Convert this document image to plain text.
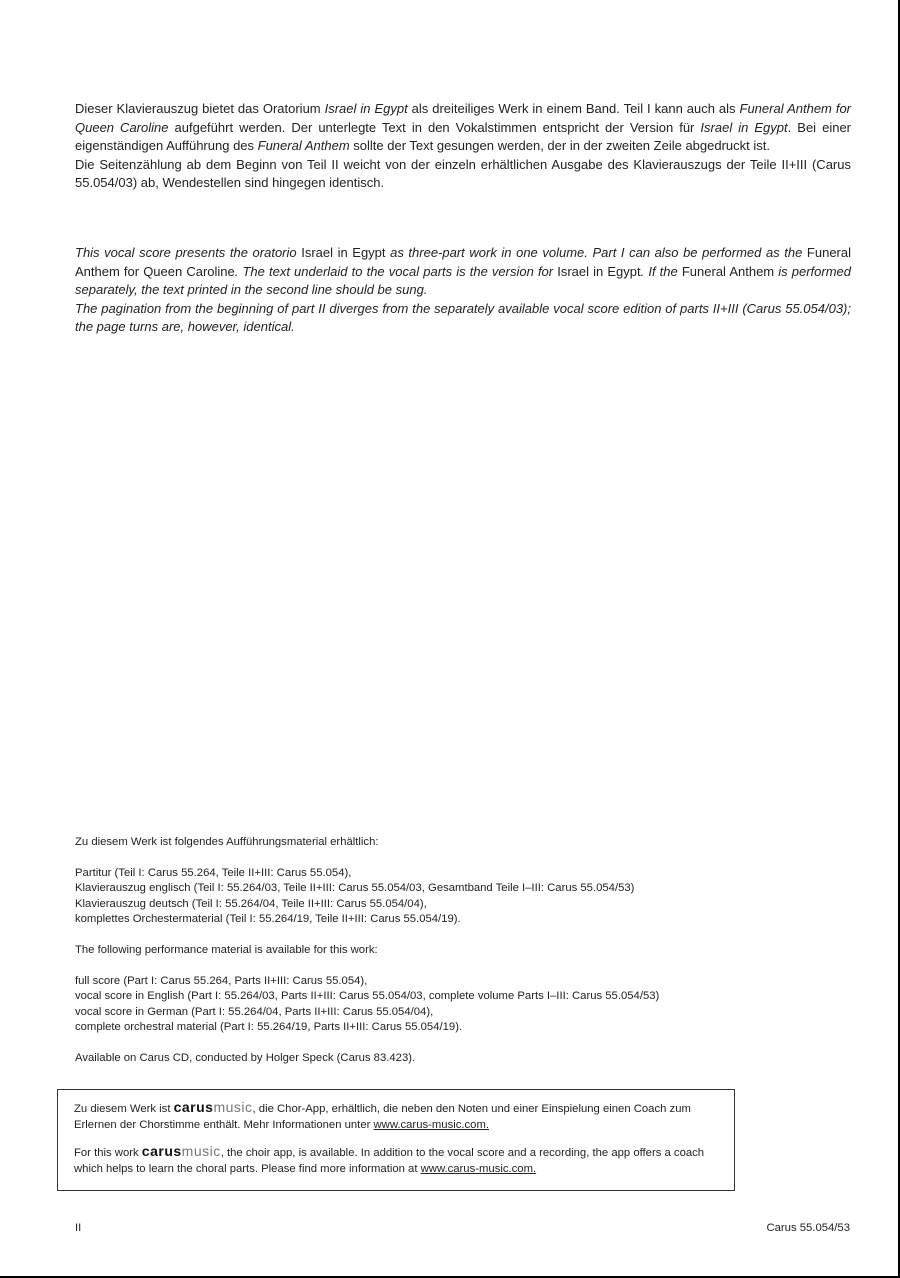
Dieser Klavierauszug bietet das Oratorium Israel in Egypt als dreiteiliges Werk in einem Band. Teil I kann auch als Funeral Anthem for Queen Caroline aufgeführt werden. Der unterlegte Text in den Vokalstimmen entspricht der Version für Israel in Egypt. Bei einer eigenständigen Aufführung des Funeral Anthem sollte der Text gesungen werden, der in der zweiten Zeile abgedruckt ist.

Die Seitenzählung ab dem Beginn von Teil II weicht von der einzeln erhältlichen Ausgabe des Klavierauszugs der Teile II+III (Carus 55.054/03) ab, Wendestellen sind hingegen identisch.

This vocal score presents the oratorio Israel in Egypt as three-part work in one volume. Part I can also be performed as the Funeral Anthem for Queen Caroline. The text underlaid to the vocal parts is the version for Israel in Egypt. If the Funeral Anthem is performed separately, the text printed in the second line should be sung.

The pagination from the beginning of part II diverges from the separately available vocal score edition of parts II+III (Carus 55.054/03); the page turns are, however, identical.

Zu diesem Werk ist folgendes Aufführungsmaterial erhältlich:

Partitur (Teil I: Carus 55.264, Teile II+III: Carus 55.054),

Klavierauszug englisch (Teil I: 55.264/03, Teile II+III: Carus 55.054/03, Gesamtband Teile I–III: Carus 55.054/53)

Klavierauszug deutsch (Teil I: 55.264/04, Teile II+III: Carus 55.054/04),

komplettes Orchestermaterial (Teil I: 55.264/19, Teile II+III: Carus 55.054/19).

The following performance material is available for this work:

full score (Part I: Carus 55.264, Parts II+III: Carus 55.054),

vocal score in English (Part I: 55.264/03, Parts II+III: Carus 55.054/03, complete volume Parts I–III: Carus 55.054/53)

vocal score in German (Part I: 55.264/04, Parts II+III: Carus 55.054/04),

complete orchestral material (Part I: 55.264/19, Parts II+III: Carus 55.054/19).

Available on Carus CD, conducted by Holger Speck (Carus 83.423).

Zu diesem Werk ist carusmusic, die Chor-App, erhältlich, die neben den Noten und einer Einspielung einen Coach zum Erlernen der Chorstimme enthält. Mehr Informationen unter www.carus-music.com.

For this work carusmusic, the choir app, is available. In addition to the vocal score and a recording, the app offers a coach which helps to learn the choral parts. Please find more information at www.carus-music.com.

II	Carus 55.054/53
